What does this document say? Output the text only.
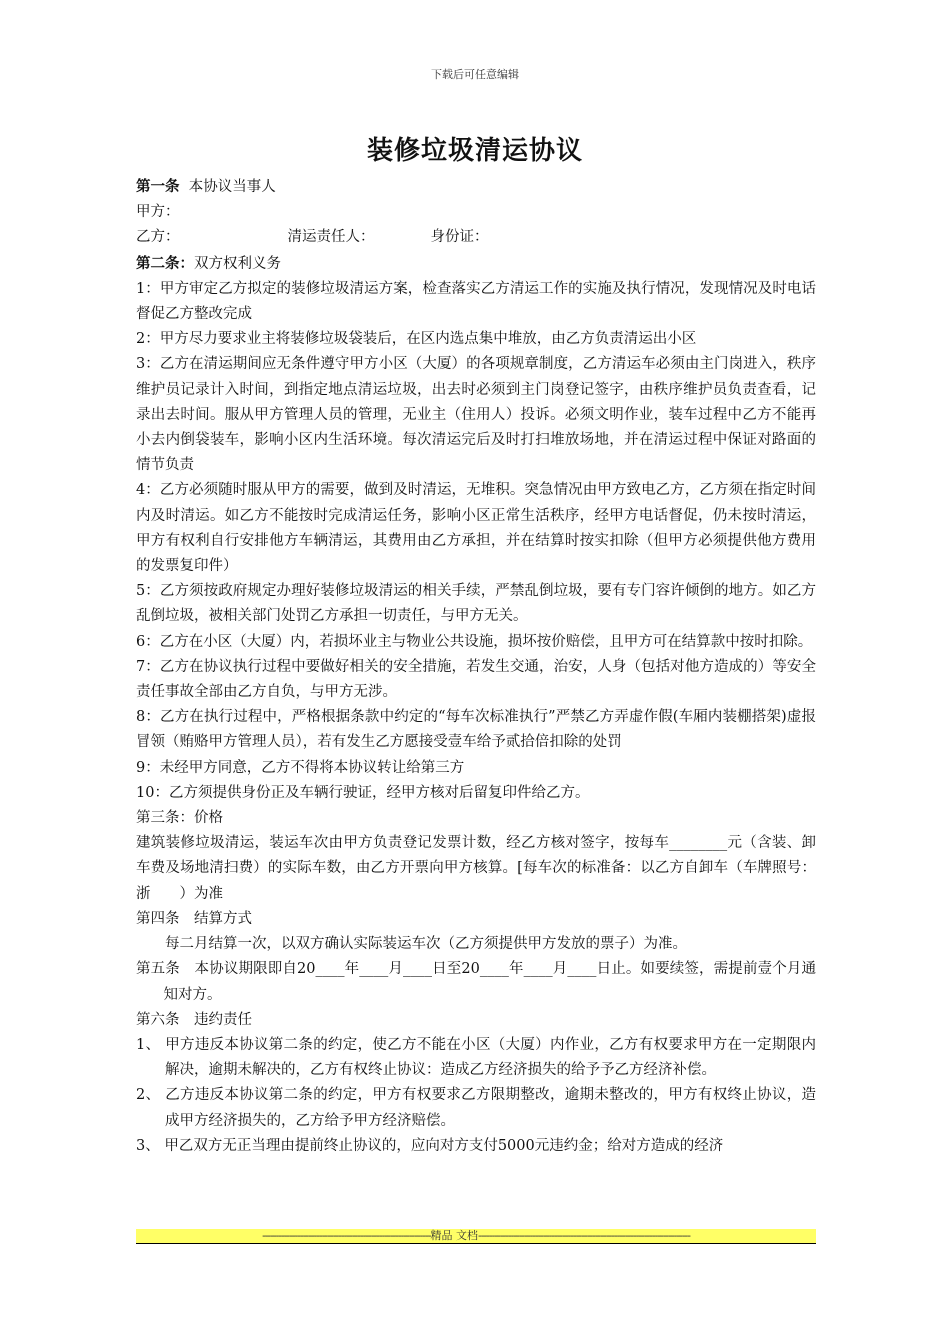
下载后可任意编辑
装修垃圾清运协议

第一条 本协议当事人

甲方：

乙方：	清运责任人：	身份证：

第二条：双方权利义务

1：甲方审定乙方拟定的装修垃圾清运方案，检查落实乙方清运工作的实施及执行情况，发现情况及时电话督促乙方整改完成

2：甲方尽力要求业主将装修垃圾袋装后，在区内选点集中堆放，由乙方负责清运出小区

3：乙方在清运期间应无条件遵守甲方小区（大厦）的各项规章制度，乙方清运车必须由主门岗进入，秩序维护员记录计入时间，到指定地点清运垃圾，出去时必须到主门岗登记签字，由秩序维护员负责查看，记录出去时间。服从甲方管理人员的管理，无业主（住用人）投诉。必须文明作业，装车过程中乙方不能再小去内倒袋装车，影响小区内生活环境。每次清运完后及时打扫堆放场地，并在清运过程中保证对路面的情节负责

4：乙方必须随时服从甲方的需要，做到及时清运，无堆积。突急情况由甲方致电乙方，乙方须在指定时间内及时清运。如乙方不能按时完成清运任务，影响小区正常生活秩序，经甲方电话督促，仍未按时清运，甲方有权利自行安排他方车辆清运，其费用由乙方承担，并在结算时按实扣除（但甲方必须提供他方费用的发票复印件）

5：乙方须按政府规定办理好装修垃圾清运的相关手续，严禁乱倒垃圾，要有专门容许倾倒的地方。如乙方乱倒垃圾，被相关部门处罚乙方承担一切责任，与甲方无关。

6：乙方在小区（大厦）内，若损坏业主与物业公共设施，损坏按价赔偿，且甲方可在结算款中按时扣除。

7：乙方在协议执行过程中要做好相关的安全措施，若发生交通，治安，人身（包括对他方造成的）等安全责任事故全部由乙方自负，与甲方无涉。

8：乙方在执行过程中，严格根据条款中约定的“每车次标准执行”严禁乙方弄虚作假(车厢内装棚搭架)虚报冒领（贿赂甲方管理人员），若有发生乙方愿接受壹车给予贰拾倍扣除的处罚

9：未经甲方同意，乙方不得将本协议转让给第三方

10：乙方须提供身份正及车辆行驶证，经甲方核对后留复印件给乙方。

第三条：价格

建筑装修垃圾清运，装运车次由甲方负责登记发票计数，经乙方核对签字，按每车________元（含装、卸车费及场地清扫费）的实际车数，由乙方开票向甲方核算。[每车次的标准备：以乙方自卸车（车牌照号：浙　　）为准

第四条　结算方式

每二月结算一次，以双方确认实际装运车次（乙方须提供甲方发放的票子）为准。

第五条　本协议期限即自20____年____月____日至20____年____月____日止。如要续签，需提前壹个月通知对方。

第六条　违约责任

1、 甲方违反本协议第二条的约定，使乙方不能在小区（大厦）内作业，乙方有权要求甲方在一定期限内解决，逾期未解决的，乙方有权终止协议：造成乙方经济损失的给予予乙方经济补偿。

2、 乙方违反本协议第二条的约定，甲方有权要求乙方限期整改，逾期未整改的，甲方有权终止协议，造成甲方经济损失的，乙方给予甲方经济赔偿。

3、 甲乙双方无正当理由提前终止协议的，应向对方支付5000元违约金；给对方造成的经济

--------------------------------------------------------------精品 文档------------------------------------------------------------------------------
